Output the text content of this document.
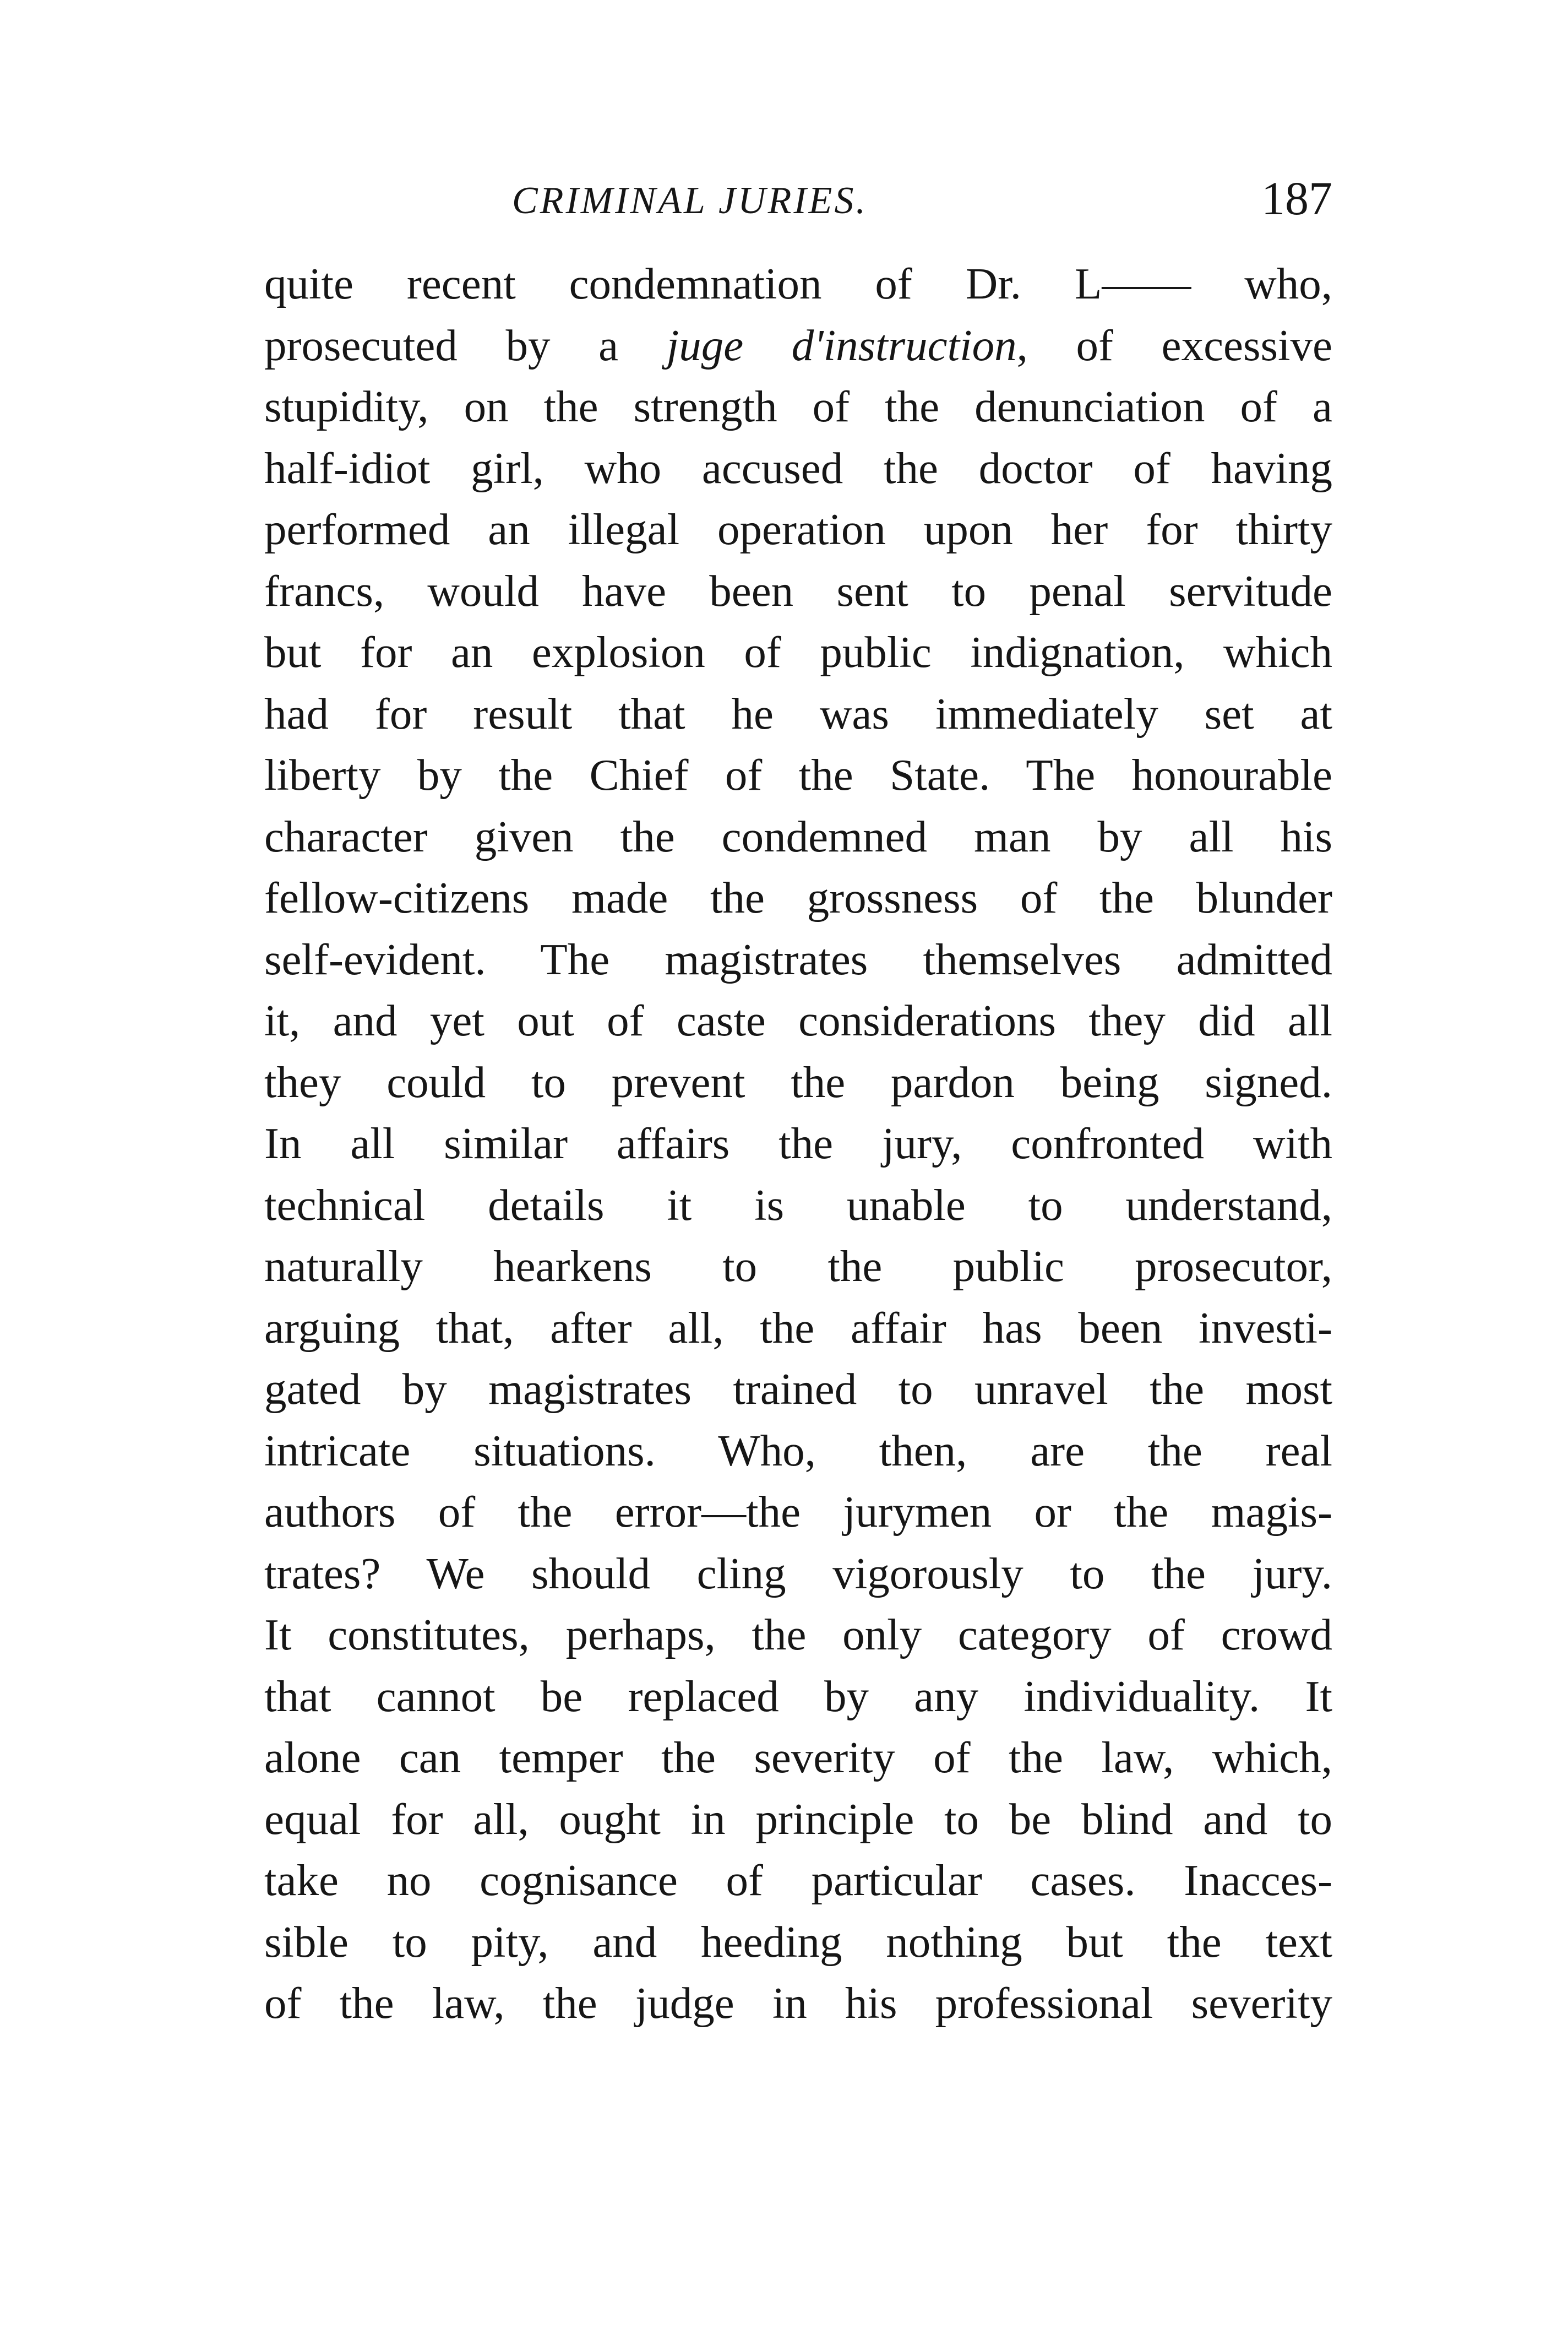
CRIMINAL JURIES.	187
quite recent condemnation of Dr. L—— who,
prosecuted by a juge d'instruction, of excessive
stupidity, on the strength of the denunciation of a
half-idiot girl, who accused the doctor of having
performed an illegal operation upon her for thirty
francs, would have been sent to penal servitude
but for an explosion of public indignation, which
had for result that he was immediately set at
liberty by the Chief of the State. The honourable
character given the condemned man by all his
fellow-citizens made the grossness of the blunder
self-evident. The magistrates themselves admitted
it, and yet out of caste considerations they did all
they could to prevent the pardon being signed.
In all similar affairs the jury, confronted with
technical details it is unable to understand,
naturally hearkens to the public prosecutor,
arguing that, after all, the affair has been investi-
gated by magistrates trained to unravel the most
intricate situations. Who, then, are the real
authors of the error—the jurymen or the magis-
trates? We should cling vigorously to the jury.
It constitutes, perhaps, the only category of crowd
that cannot be replaced by any individuality. It
alone can temper the severity of the law, which,
equal for all, ought in principle to be blind and to
take no cognisance of particular cases. Inacces-
sible to pity, and heeding nothing but the text
of the law, the judge in his professional severity
